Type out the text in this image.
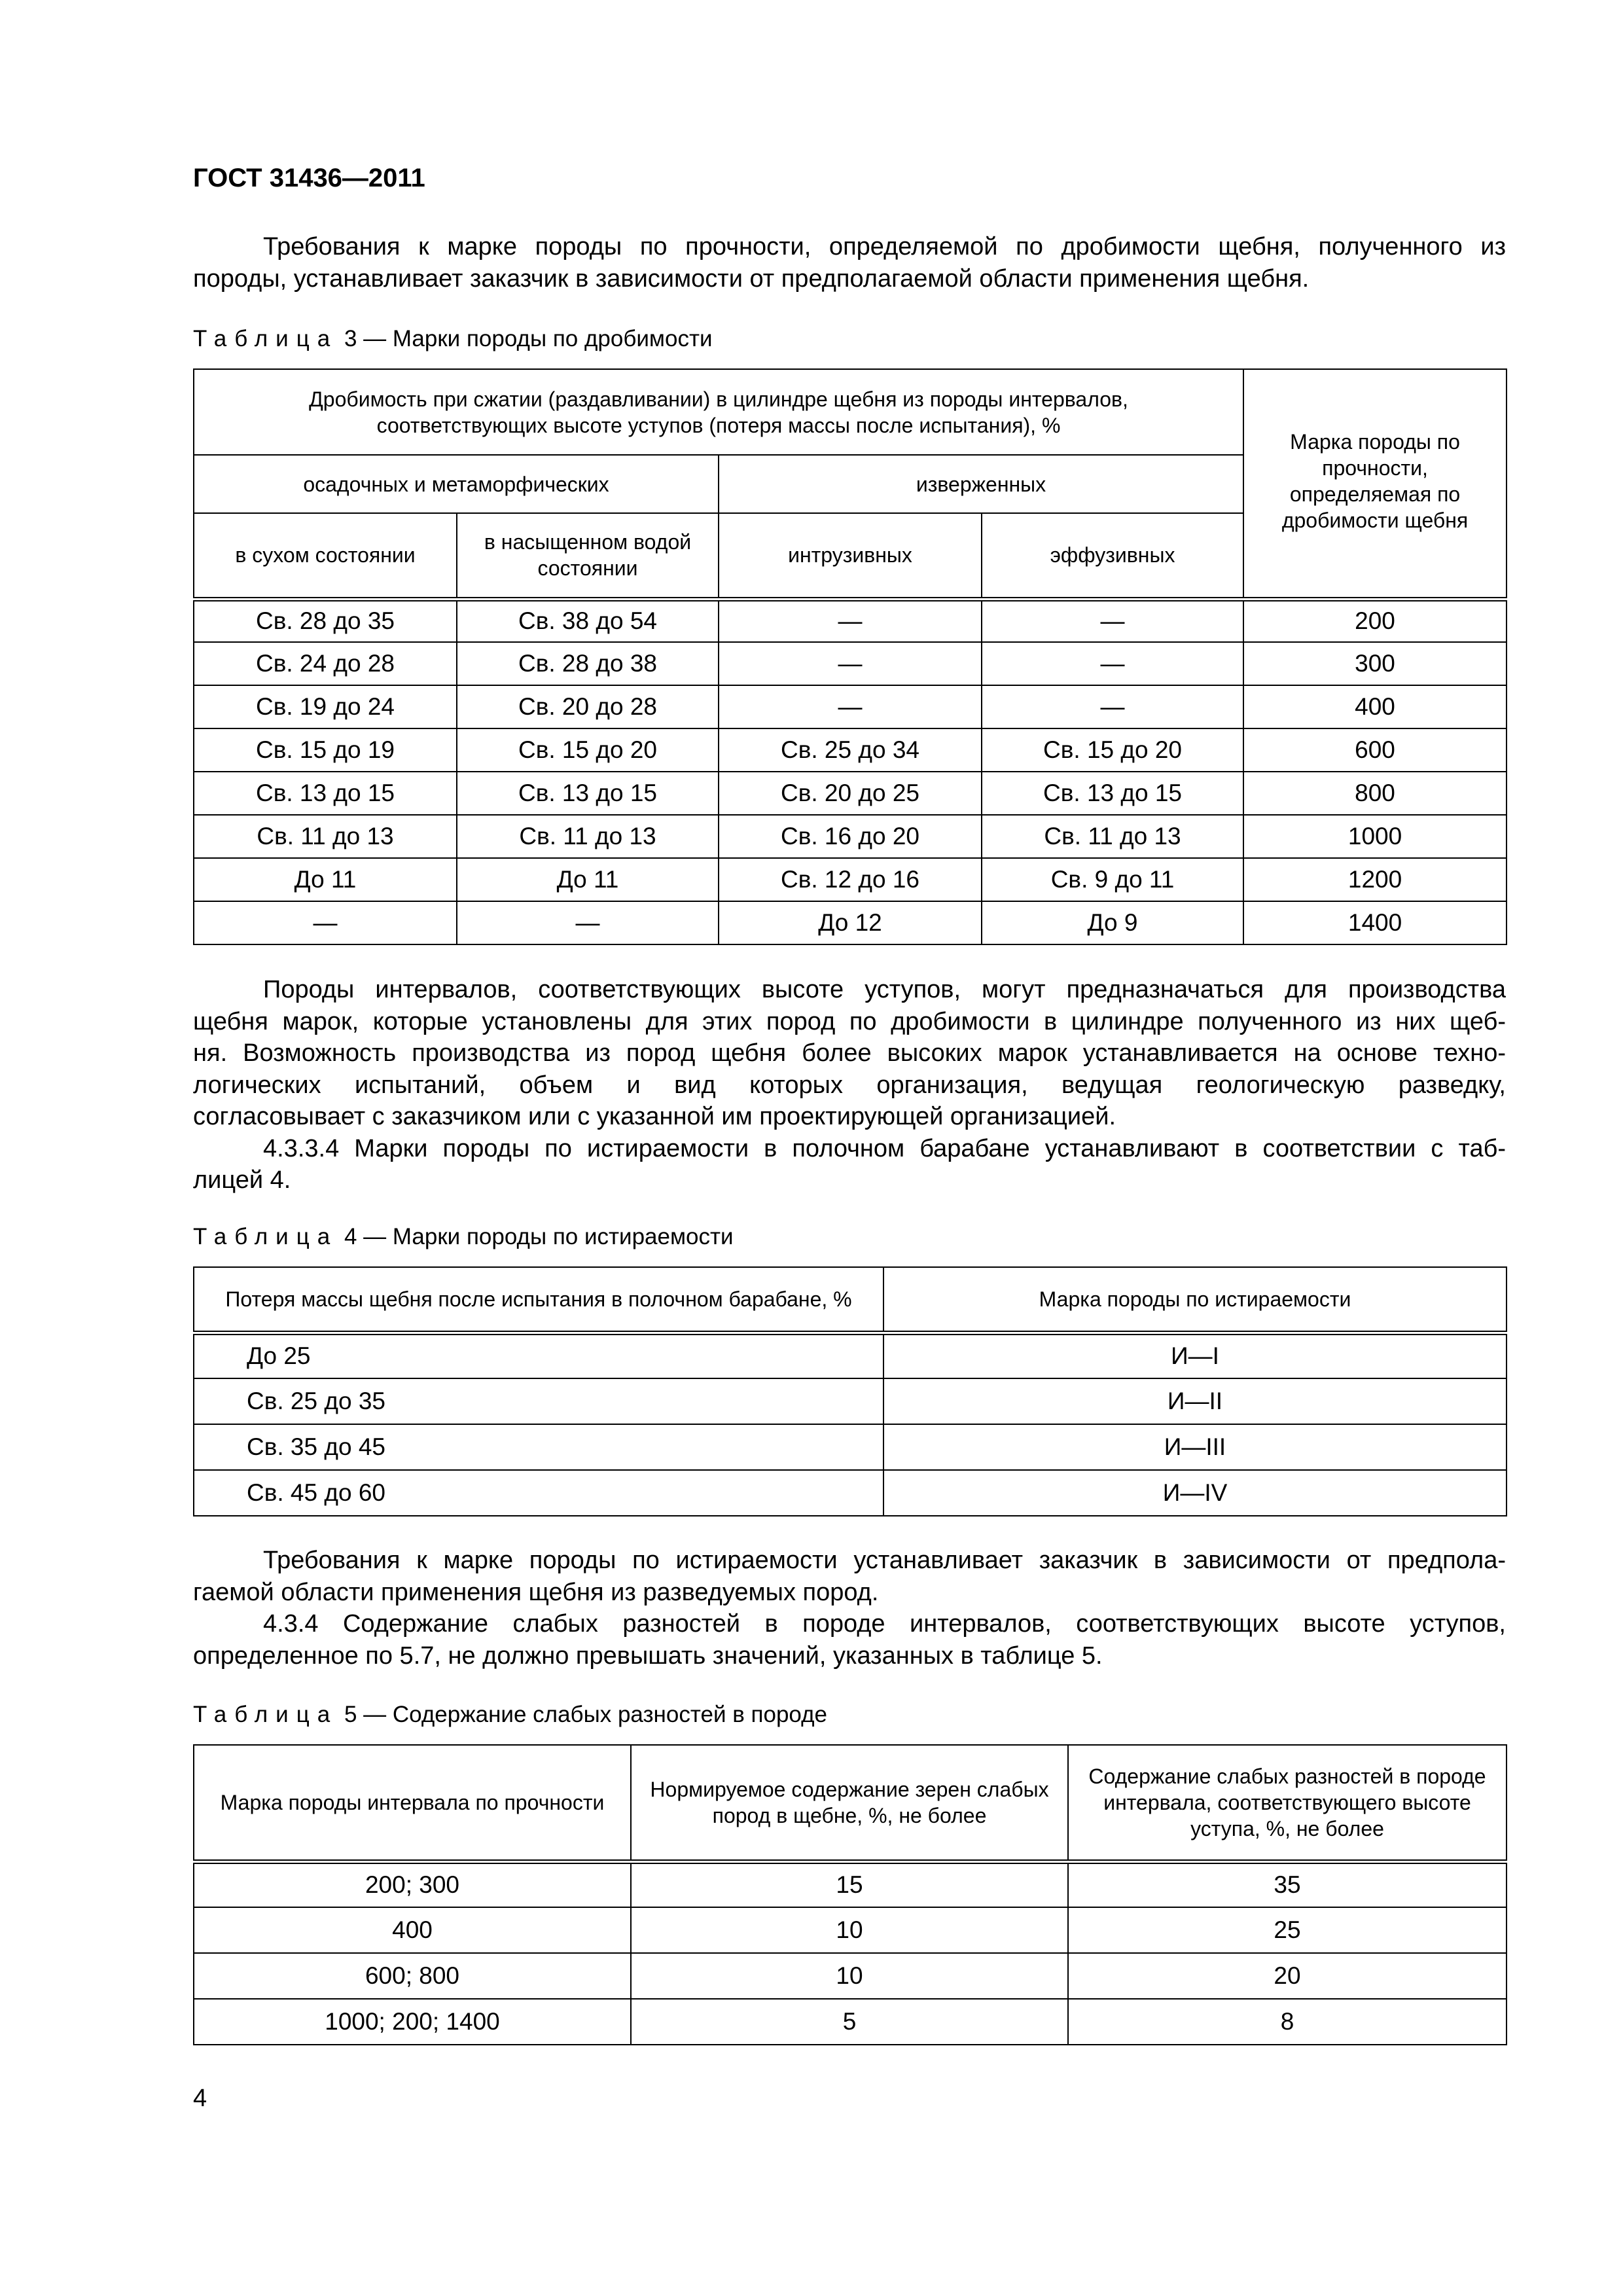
ГОСТ 31436—2011
Требования к марке породы по прочности, определяемой по дробимости щебня, полученного из
породы, устанавливает заказчик в зависимости от предполагаемой области применения щебня.
Таблица 3 — Марки породы по дробимости
Дробимость при сжатии (раздавливании) в цилиндре щебня из породы интервалов, соответствующих высоте уступов (потеря массы после испытания), %				Марка породы по прочности, определяемая по дробимости щебня
осадочных и метаморфических		изверженных		
в сухом состоянии	в насыщенном водой состоянии	интрузивных	эффузивных	
Св. 28 до 35	Св. 38 до 54	—	—	200
Св. 24 до 28	Св. 28 до 38	—	—	300
Св. 19 до 24	Св. 20 до 28	—	—	400
Св. 15 до 19	Св. 15 до 20	Св. 25 до 34	Св. 15 до 20	600
Св. 13 до 15	Св. 13 до 15	Св. 20 до 25	Св. 13 до 15	800
Св. 11 до 13	Св. 11 до 13	Св. 16 до 20	Св. 11 до 13	1000
До 11	До 11	Св. 12 до 16	Св. 9 до 11	1200
—	—	До 12	До 9	1400
Породы интервалов, соответствующих высоте уступов, могут предназначаться для производства
щебня марок, которые установлены для этих пород по дробимости в цилиндре полученного из них щеб-
ня. Возможность производства из пород щебня более высоких марок устанавливается на основе техно-
логических испытаний, объем и вид которых организация, ведущая геологическую разведку,
согласовывает с заказчиком или с указанной им проектирующей организацией.
4.3.3.4 Марки породы по истираемости в полочном барабане устанавливают в соответствии с таб-
лицей 4.
Таблица 4 — Марки породы по истираемости
Потеря массы щебня после испытания в полочном барабане, %	Марка породы по истираемости
До 25	И—I
Св. 25 до 35	И—II
Св. 35 до 45	И—III
Св. 45 до 60	И—IV
Требования к марке породы по истираемости устанавливает заказчик в зависимости от предпола-
гаемой области применения щебня из разведуемых пород.
4.3.4 Содержание слабых разностей в породе интервалов, соответствующих высоте уступов,
определенное по 5.7, не должно превышать значений, указанных в таблице 5.
Таблица 5 — Содержание слабых разностей в породе
Марка породы интервала по прочности	Нормируемое содержание зерен слабых пород в щебне, %, не более	Содержание слабых разностей в породе интервала, соответствующего высоте уступа, %, не более
200; 300	15	35
400	10	25
600; 800	10	20
1000; 200; 1400	5	8
4
